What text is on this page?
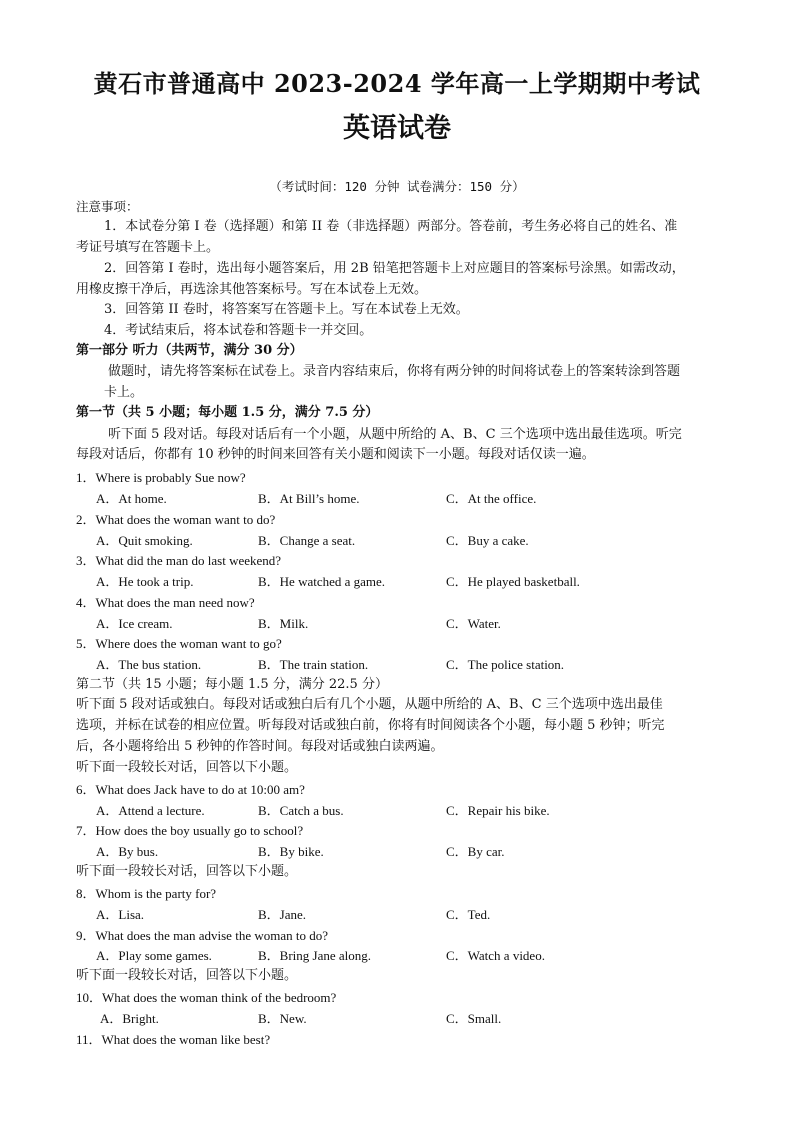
黄石市普通高中 2023-2024 学年高一上学期期中考试
英语试卷
（考试时间：120 分钟 试卷满分：150 分）
注意事项：
1．本试卷分第 I 卷（选择题）和第 II 卷（非选择题）两部分。答卷前，考生务必将自己的姓名、准
考证号填写在答题卡上。
2．回答第 I 卷时，选出每小题答案后，用 2B 铅笔把答题卡上对应题目的答案标号涂黑。如需改动，
用橡皮擦干净后，再选涂其他答案标号。写在本试卷上无效。
3．回答第 II 卷时，将答案写在答题卡上。写在本试卷上无效。
4．考试结束后，将本试卷和答题卡一并交回。
第一部分 听力（共两节，满分 30 分）
做题时，请先将答案标在试卷上。录音内容结束后，你将有两分钟的时间将试卷上的答案转涂到答题
卡上。
第一节（共 5 小题；每小题 1.5 分，满分 7.5 分）
听下面 5 段对话。每段对话后有一个小题，从题中所给的 A、B、C 三个选项中选出最佳选项。听完
每段对话后，你都有 10 秒钟的时间来回答有关小题和阅读下一小题。每段对话仅读一遍。
1．Where is probably Sue now?
A．At home.	B．At Bill’s home.	C．At the office.
2．What does the woman want to do?
A．Quit smoking.	B．Change a seat.	C．Buy a cake.
3．What did the man do last weekend?
A．He took a trip.	B．He watched a game.	C．He played basketball.
4．What does the man need now?
A．Ice cream.	B．Milk.	C．Water.
5．Where does the woman want to go?
A．The bus station.	B．The train station.	C．The police station.
第二节（共 15 小题；每小题 1.5 分，满分 22.5 分）
听下面 5 段对话或独白。每段对话或独白后有几个小题，从题中所给的 A、B、C 三个选项中选出最佳
选项，并标在试卷的相应位置。听每段对话或独白前，你将有时间阅读各个小题，每小题 5 秒钟；听完
后，各小题将给出 5 秒钟的作答时间。每段对话或独白读两遍。
听下面一段较长对话，回答以下小题。
6．What does Jack have to do at 10:00 am?
A．Attend a lecture.	B．Catch a bus.	C．Repair his bike.
7．How does the boy usually go to school?
A．By bus.	B．By bike.	C．By car.
听下面一段较长对话，回答以下小题。
8．Whom is the party for?
A．Lisa.	B．Jane.	C．Ted.
9．What does the man advise the woman to do?
A．Play some games.	B．Bring Jane along.	C．Watch a video.
听下面一段较长对话，回答以下小题。
10．What does the woman think of the bedroom?
A．Bright.	B．New.	C．Small.
11．What does the woman like best?
